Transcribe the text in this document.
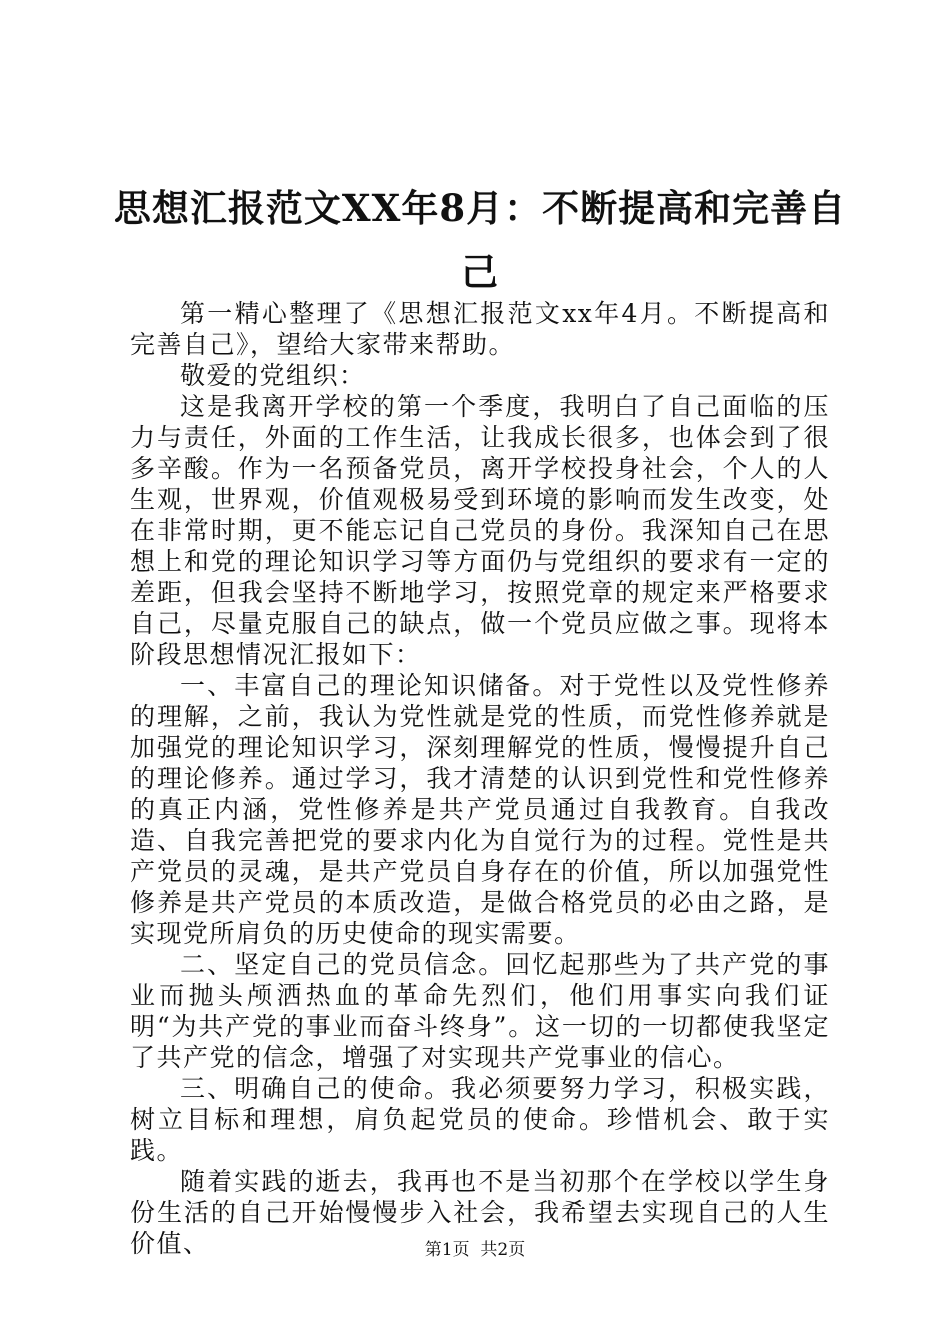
思想汇报范文XX年8月：不断提高和完善自己

第一精心整理了《思想汇报范文xx年4月。不断提高和完善自己》，望给大家带来帮助。

敬爱的党组织：

这是我离开学校的第一个季度，我明白了自己面临的压力与责任，外面的工作生活，让我成长很多，也体会到了很多辛酸。作为一名预备党员，离开学校投身社会，个人的人生观，世界观，价值观极易受到环境的影响而发生改变，处在非常时期，更不能忘记自己党员的身份。我深知自己在思想上和党的理论知识学习等方面仍与党组织的要求有一定的差距，但我会坚持不断地学习，按照党章的规定来严格要求自己，尽量克服自己的缺点，做一个党员应做之事。现将本阶段思想情况汇报如下：

一、丰富自己的理论知识储备。对于党性以及党性修养的理解，之前，我认为党性就是党的性质，而党性修养就是加强党的理论知识学习，深刻理解党的性质，慢慢提升自己的理论修养。通过学习，我才清楚的认识到党性和党性修养的真正内涵，党性修养是共产党员通过自我教育。自我改造、自我完善把党的要求内化为自觉行为的过程。党性是共产党员的灵魂，是共产党员自身存在的价值，所以加强党性修养是共产党员的本质改造，是做合格党员的必由之路，是实现党所肩负的历史使命的现实需要。

二、坚定自己的党员信念。回忆起那些为了共产党的事业而抛头颅洒热血的革命先烈们，他们用事实向我们证明“为共产党的事业而奋斗终身”。这一切的一切都使我坚定了共产党的信念，增强了对实现共产党事业的信心。

三、明确自己的使命。我必须要努力学习，积极实践，树立目标和理想，肩负起党员的使命。珍惜机会、敢于实践。

随着实践的逝去，我再也不是当初那个在学校以学生身份生活的自己开始慢慢步入社会，我希望去实现自己的人生价值、	第1页  共2页
